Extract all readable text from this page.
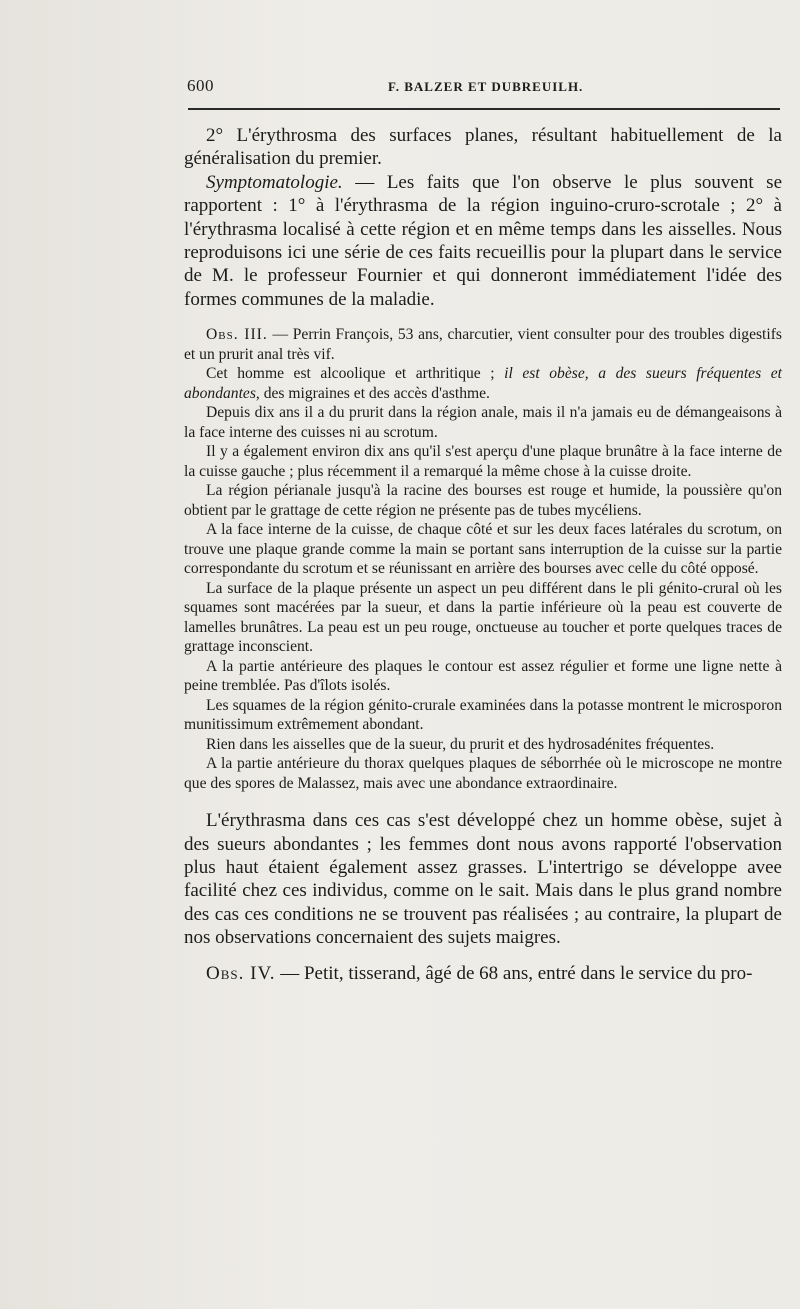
600	F. BALZER ET DUBREUILH.

2° L'érythrosma des surfaces planes, résultant habituellement de la généralisation du premier.

Symptomatologie. — Les faits que l'on observe le plus souvent se rapportent : 1° à l'érythrasma de la région inguino-cruro-scrotale ; 2° à l'érythrasma localisé à cette région et en même temps dans les aisselles. Nous reproduisons ici une série de ces faits recueillis pour la plupart dans le service de M. le professeur Fournier et qui donneront immédiatement l'idée des formes communes de la maladie.

Obs. III. — Perrin François, 53 ans, charcutier, vient consulter pour des troubles digestifs et un prurit anal très vif.

Cet homme est alcoolique et arthritique ; il est obèse, a des sueurs fréquentes et abondantes, des migraines et des accès d'asthme.

Depuis dix ans il a du prurit dans la région anale, mais il n'a jamais eu de démangeaisons à la face interne des cuisses ni au scrotum.

Il y a également environ dix ans qu'il s'est aperçu d'une plaque brunâtre à la face interne de la cuisse gauche ; plus récemment il a remarqué la même chose à la cuisse droite.

La région périanale jusqu'à la racine des bourses est rouge et humide, la poussière qu'on obtient par le grattage de cette région ne présente pas de tubes mycéliens.

A la face interne de la cuisse, de chaque côté et sur les deux faces latérales du scrotum, on trouve une plaque grande comme la main se portant sans interruption de la cuisse sur la partie correspondante du scrotum et se réunissant en arrière des bourses avec celle du côté opposé.

La surface de la plaque présente un aspect un peu différent dans le pli génito-crural où les squames sont macérées par la sueur, et dans la partie inférieure où la peau est couverte de lamelles brunâtres. La peau est un peu rouge, onctueuse au toucher et porte quelques traces de grattage inconscient.

A la partie antérieure des plaques le contour est assez régulier et forme une ligne nette à peine tremblée. Pas d'îlots isolés.

Les squames de la région génito-crurale examinées dans la potasse montrent le microsporon munitissimum extrêmement abondant.

Rien dans les aisselles que de la sueur, du prurit et des hydrosadénites fréquentes.

A la partie antérieure du thorax quelques plaques de séborrhée où le microscope ne montre que des spores de Malassez, mais avec une abondance extraordinaire.

L'érythrasma dans ces cas s'est développé chez un homme obèse, sujet à des sueurs abondantes ; les femmes dont nous avons rapporté l'observation plus haut étaient également assez grasses. L'intertrigo se développe avee facilité chez ces individus, comme on le sait. Mais dans le plus grand nombre des cas ces conditions ne se trouvent pas réalisées ; au contraire, la plupart de nos observations concernaient des sujets maigres.

Obs. IV. — Petit, tisserand, âgé de 68 ans, entré dans le service du pro-
